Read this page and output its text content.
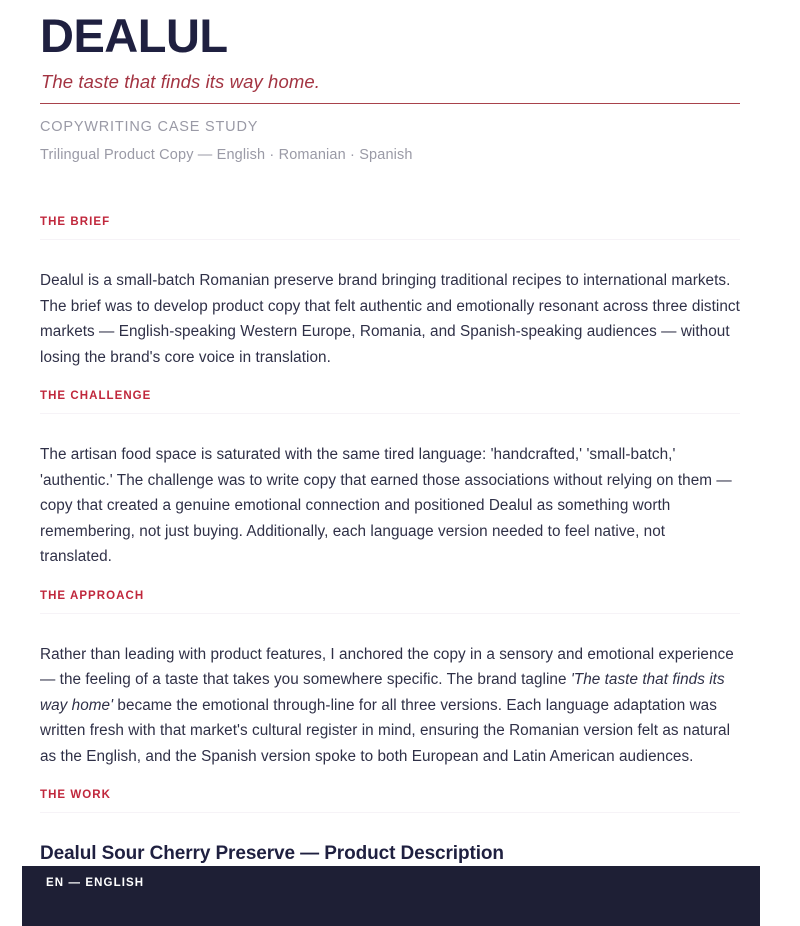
DEALUL
The taste that finds its way home.
COPYWRITING CASE STUDY
Trilingual Product Copy — English · Romanian · Spanish
THE BRIEF

Dealul is a small-batch Romanian preserve brand bringing traditional recipes to international markets. The brief was to develop product copy that felt authentic and emotionally resonant across three distinct markets — English-speaking Western Europe, Romania, and Spanish-speaking audiences — without losing the brand's core voice in translation.

THE CHALLENGE

The artisan food space is saturated with the same tired language: 'handcrafted,' 'small-batch,' 'authentic.' The challenge was to write copy that earned those associations without relying on them — copy that created a genuine emotional connection and positioned Dealul as something worth remembering, not just buying. Additionally, each language version needed to feel native, not translated.

THE APPROACH

Rather than leading with product features, I anchored the copy in a sensory and emotional experience — the feeling of a taste that takes you somewhere specific. The brand tagline 'The taste that finds its way home' became the emotional through-line for all three versions. Each language adaptation was written fresh with that market's cultural register in mind, ensuring the Romanian version felt as natural as the English, and the Spanish version spoke to both European and Latin American audiences.

THE WORK
Dealul Sour Cherry Preserve — Product Description
EN — ENGLISH
